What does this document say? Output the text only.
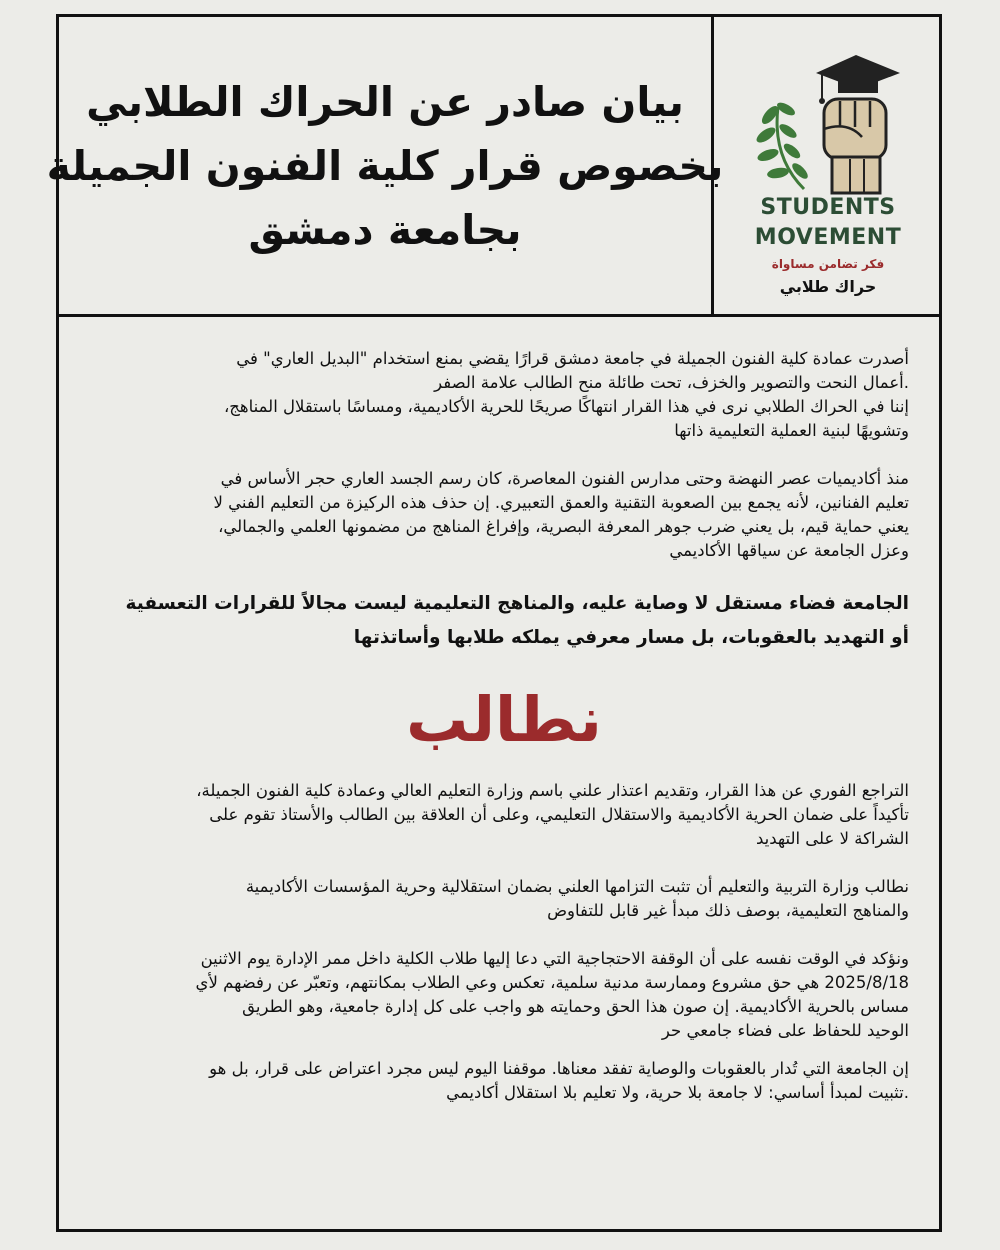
بيان صادر عن الحراك الطلابي
بخصوص قرار كلية الفنون الجميلة
بجامعة دمشق	STUDENTS
MOVEMENT
فكر تضامن مساواة
حراك طلابي
أصدرت عمادة كلية الفنون الجميلة في جامعة دمشق قرارًا يقضي بمنع استخدام "البديل العاري" في
.أعمال النحت والتصوير والخزف، تحت طائلة منح الطالب علامة الصفر
إننا في الحراك الطلابي نرى في هذا القرار انتهاكًا صريحًا للحرية الأكاديمية، ومساسًا باستقلال المناهج،
وتشويهًا لبنية العملية التعليمية ذاتها
منذ أكاديميات عصر النهضة وحتى مدارس الفنون المعاصرة، كان رسم الجسد العاري حجر الأساس في
تعليم الفنانين، لأنه يجمع بين الصعوبة التقنية والعمق التعبيري. إن حذف هذه الركيزة من التعليم الفني لا
يعني حماية قيم، بل يعني ضرب جوهر المعرفة البصرية، وإفراغ المناهج من مضمونها العلمي والجمالي،
وعزل الجامعة عن سياقها الأكاديمي
الجامعة فضاء مستقل لا وصاية عليه، والمناهج التعليمية ليست مجالاً للقرارات التعسفية
أو التهديد بالعقوبات، بل مسار معرفي يملكه طلابها وأساتذتها
نطالب
التراجع الفوري عن هذا القرار، وتقديم اعتذار علني باسم وزارة التعليم العالي وعمادة كلية الفنون الجميلة،
تأكيداً على ضمان الحرية الأكاديمية والاستقلال التعليمي، وعلى أن العلاقة بين الطالب والأستاذ تقوم على
الشراكة لا على التهديد
نطالب وزارة التربية والتعليم أن تثبت التزامها العلني بضمان استقلالية وحرية المؤسسات الأكاديمية
والمناهج التعليمية، بوصف ذلك مبدأ غير قابل للتفاوض
ونؤكد في الوقت نفسه على أن الوقفة الاحتجاجية التي دعا إليها طلاب الكلية داخل ممر الإدارة يوم الاثنين
2025/8/18 هي حق مشروع وممارسة مدنية سلمية، تعكس وعي الطلاب بمكانتهم، وتعبّر عن رفضهم لأي
مساس بالحرية الأكاديمية. إن صون هذا الحق وحمايته هو واجب على كل إدارة جامعية، وهو الطريق
الوحيد للحفاظ على فضاء جامعي حر
إن الجامعة التي تُدار بالعقوبات والوصاية تفقد معناها. موقفنا اليوم ليس مجرد اعتراض على قرار، بل هو
.تثبيت لمبدأ أساسي: لا جامعة بلا حرية، ولا تعليم بلا استقلال أكاديمي
